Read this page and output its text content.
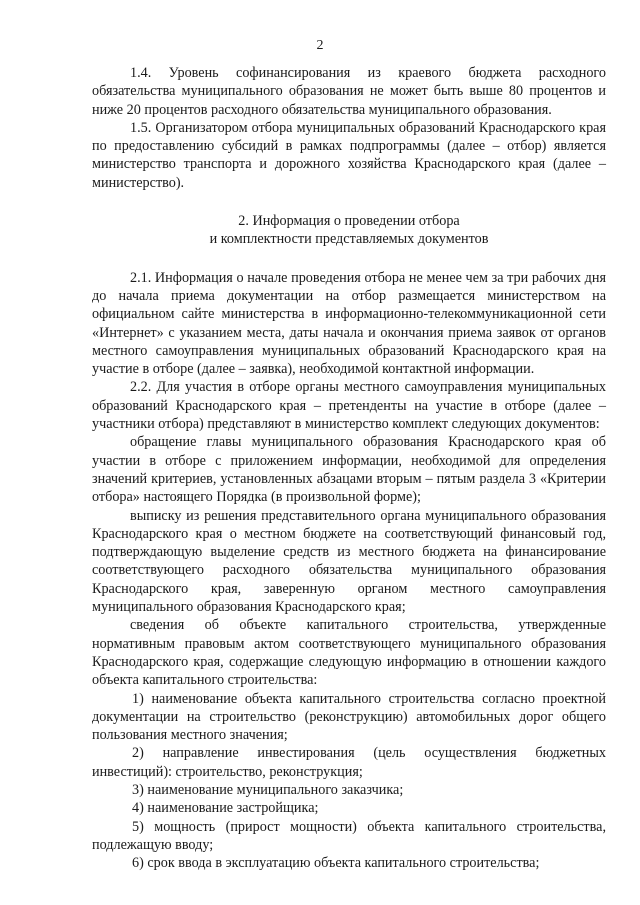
2

1.4. Уровень софинансирования из краевого бюджета расходного обязательства муниципального образования не может быть выше 80 процентов и ниже 20 процентов расходного обязательства муниципального образования.

1.5. Организатором отбора муниципальных образований Краснодарского края по предоставлению субсидий в рамках подпрограммы (далее – отбор) является министерство транспорта и дорожного хозяйства Краснодарского края (далее – министерство).

2. Информация о проведении отбора
и комплектности представляемых документов

2.1. Информация о начале проведения отбора не менее чем за три рабочих дня до начала приема документации на отбор размещается министерством на официальном сайте министерства в информационно-телекоммуникационной сети «Интернет» с указанием места, даты начала и окончания приема заявок от органов местного самоуправления муниципальных образований Краснодарского края на участие в отборе (далее – заявка), необходимой контактной информации.

2.2. Для участия в отборе органы местного самоуправления муниципальных образований Краснодарского края – претенденты на участие в отборе (далее – участники отбора) представляют в министерство комплект следующих документов:

обращение главы муниципального образования Краснодарского края об участии в отборе с приложением информации, необходимой для определения значений критериев, установленных абзацами вторым – пятым раздела 3 «Критерии отбора» настоящего Порядка (в произвольной форме);

выписку из решения представительного органа муниципального образования Краснодарского края о местном бюджете на соответствующий финансовый год, подтверждающую выделение средств из местного бюджета на финансирование соответствующего расходного обязательства муниципального образования Краснодарского края, заверенную органом местного самоуправления муниципального образования Краснодарского края;

сведения об объекте капитального строительства, утвержденные нормативным правовым актом соответствующего муниципального образования Краснодарского края, содержащие следующую информацию в отношении каждого объекта капитального строительства:

1) наименование объекта капитального строительства согласно проектной документации на строительство (реконструкцию) автомобильных дорог общего пользования местного значения;

2) направление инвестирования (цель осуществления бюджетных инвестиций): строительство, реконструкция;

3) наименование муниципального заказчика;

4) наименование застройщика;

5) мощность (прирост мощности) объекта капитального строительства, подлежащую вводу;

6) срок ввода в эксплуатацию объекта капитального строительства;
